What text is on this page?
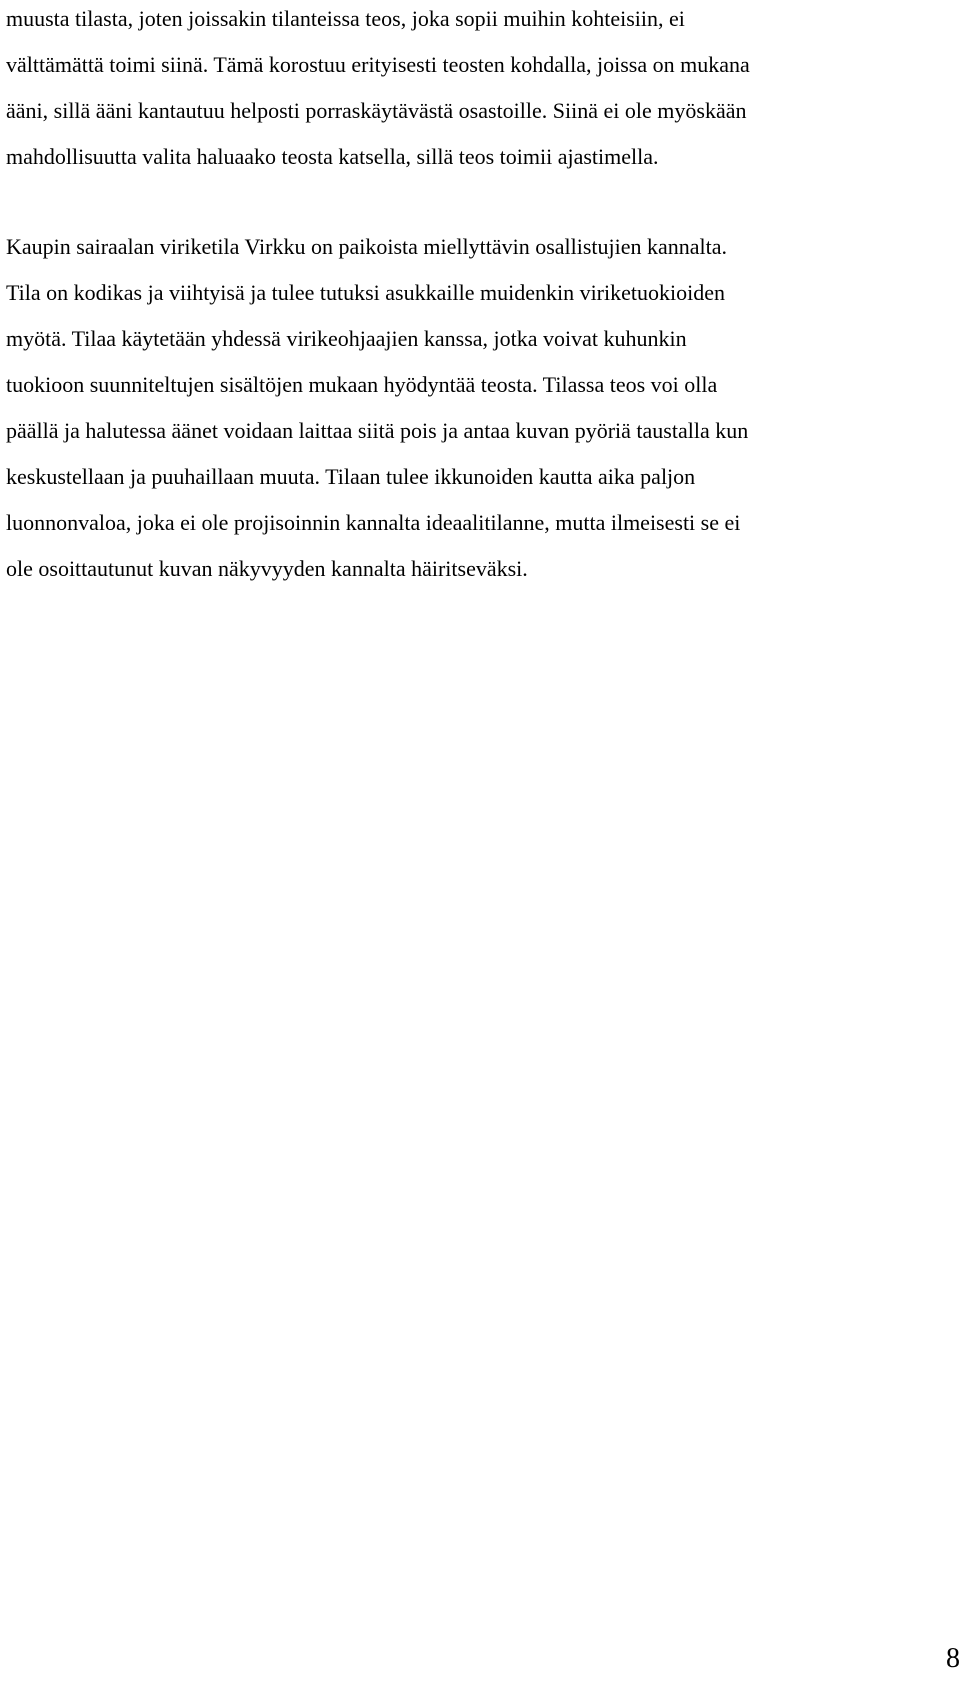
muusta tilasta, joten joissakin tilanteissa teos, joka sopii muihin kohteisiin, ei
välttämättä toimi siinä. Tämä korostuu erityisesti teosten kohdalla, joissa on mukana
ääni, sillä ääni kantautuu helposti porraskäytävästä osastoille. Siinä ei ole myöskään
mahdollisuutta valita haluaako teosta katsella, sillä teos toimii ajastimella.
Kaupin sairaalan viriketila Virkku on paikoista miellyttävin osallistujien kannalta.
Tila on kodikas ja viihtyisä ja tulee tutuksi asukkaille muidenkin viriketuokioiden
myötä. Tilaa käytetään yhdessä virikeohjaajien kanssa, jotka voivat kuhunkin
tuokioon suunniteltujen sisältöjen mukaan hyödyntää teosta. Tilassa teos voi olla
päällä ja halutessa äänet voidaan laittaa siitä pois ja antaa kuvan pyöriä taustalla kun
keskustellaan ja puuhaillaan muuta. Tilaan tulee ikkunoiden kautta aika paljon
luonnonvaloa, joka ei ole projisoinnin kannalta ideaalitilanne, mutta ilmeisesti se ei
ole osoittautunut kuvan näkyvyyden kannalta häiritseväksi.
8
